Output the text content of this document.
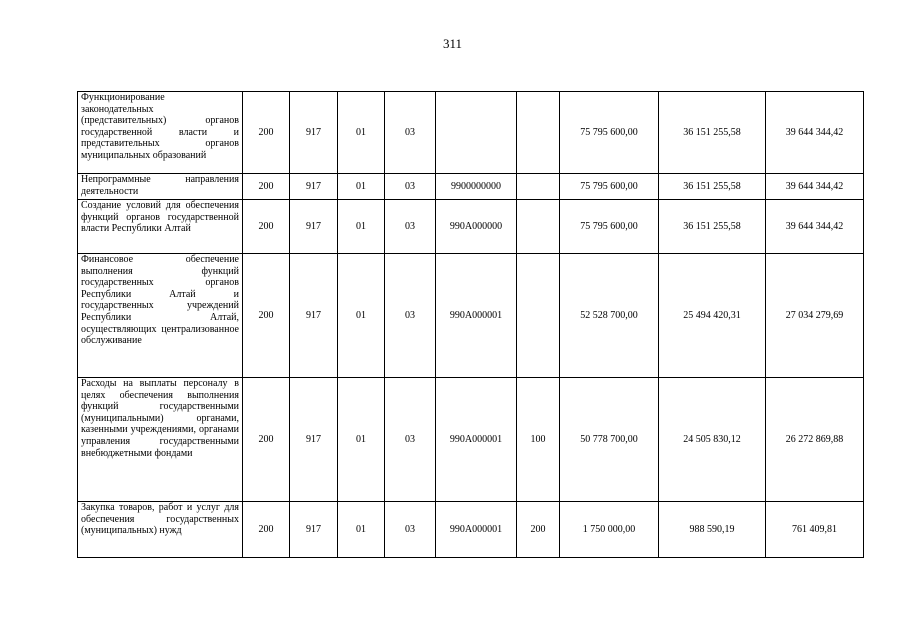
311
Функционирование законодательных (представительных) органов государственной власти и представительных органов муниципальных образований	200	917	01	03			75 795 600,00	36 151 255,58	39 644 344,42
Непрограммные направления деятельности	200	917	01	03	9900000000		75 795 600,00	36 151 255,58	39 644 344,42
Создание условий для обеспечения функций органов государственной власти Республики Алтай	200	917	01	03	990А000000		75 795 600,00	36 151 255,58	39 644 344,42
Финансовое обеспечение выполнения функций государственных органов Республики Алтай и государственных учреждений Республики Алтай, осуществляющих централизованное обслуживание	200	917	01	03	990А000001		52 528 700,00	25 494 420,31	27 034 279,69
Расходы на выплаты персоналу в целях обеспечения выполнения функций государственными (муниципальными) органами, казенными учреждениями, органами управления государственными внебюджетными фондами	200	917	01	03	990А000001	100	50 778 700,00	24 505 830,12	26 272 869,88
Закупка товаров, работ и услуг для обеспечения государственных (муниципальных) нужд	200	917	01	03	990А000001	200	1 750 000,00	988 590,19	761 409,81
